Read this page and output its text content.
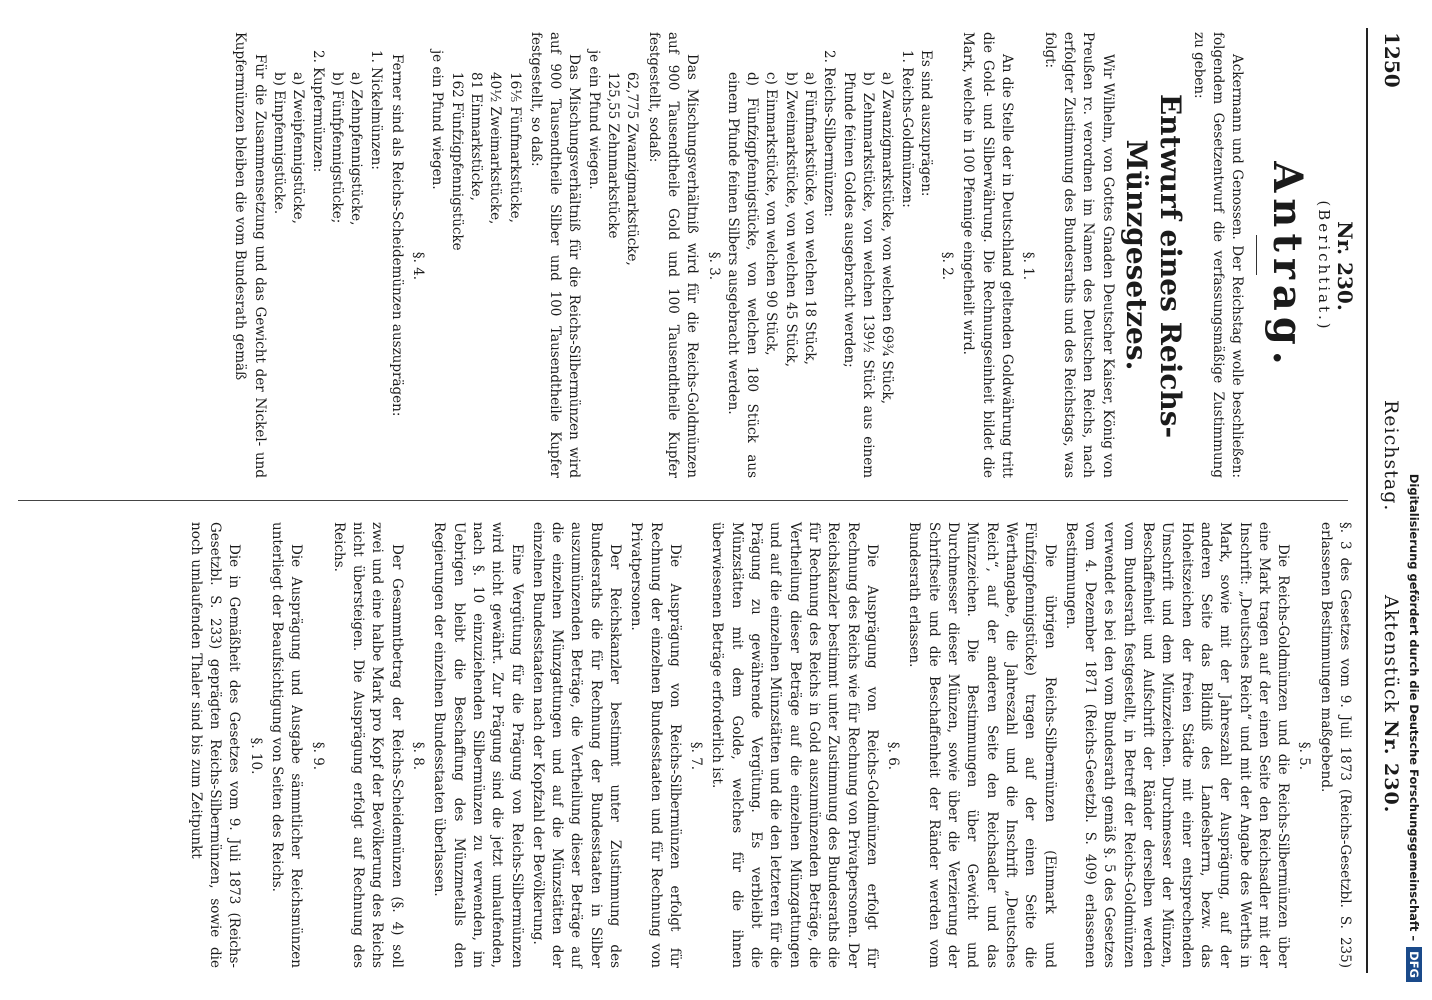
1250
Reichstag.
Aktenstück Nr. 230.

Nr. 230.

(Berichtiat.)

Antrag.

Ackermann und Genossen. Der Reichstag wolle beschließen: folgendem Gesetzentwurf die verfassungsmäßige Zustimmung zu geben:

Entwurf eines Reichs-Münzgesetzes.

Wir Wilhelm, von Gottes Gnaden Deutscher Kaiser, König von Preußen rc. verordnen im Namen des Deutschen Reichs, nach erfolgter Zustimmung des Bundesraths und des Reichstags, was folgt:

§. 1.

An die Stelle der in Deutschland geltenden Goldwährung tritt die Gold- und Silberwährung. Die Rechnungseinheit bildet die Mark, welche in 100 Pfennige eingetheilt wird.

§. 2.

Es sind auszuprägen:

1. Reichs-Goldmünzen:

a) Zwanzigmarkstücke, von welchen 69¾ Stück,

b) Zehnmarkstücke, von welchen 139½ Stück aus einem Pfunde feinen Goldes ausgebracht werden;

2. Reichs-Silbermünzen:

a) Fünfmarkstücke, von welchen 18 Stück,

b) Zweimarkstücke, von welchen 45 Stück,

c) Einmarkstücke, von welchen 90 Stück,

d) Fünfzigpfennigstücke, von welchen 180 Stück aus einem Pfunde feinen Silbers ausgebracht werden.

§. 3.

Das Mischungsverhältniß wird für die Reichs-Goldmünzen auf 900 Tausendtheile Gold und 100 Tausendtheile Kupfer festgestellt, sodaß:

62,775 Zwanzigmarkstücke,

125,55 Zehnmarkstücke

je ein Pfund wiegen.

Das Mischungsverhältniß für die Reichs-Silbermünzen wird auf 900 Tausendtheile Silber und 100 Tausendtheile Kupfer festgestellt, so daß:

16⅕ Fünfmarkstücke,

40½ Zweimarkstücke,

81 Einmarkstücke,

162 Fünfzigpfennigstücke

je ein Pfund wiegen.

§. 4.

Ferner sind als Reichs-Scheidemünzen auszuprägen:

1. Nickelmünzen:

a) Zehnpfennigstücke,

b) Fünfpfennigstücke;

2. Kupfermünzen:

a) Zweipfennigstücke,

b) Einpfennigstücke.

Für die Zusammensetzung und das Gewicht der Nickel- und Kupfermünzen bleiben die vom Bundesrath gemäß

§. 3 des Gesetzes vom 9. Juli 1873 (Reichs-Gesetzbl. S. 235) erlassenen Bestimmungen maßgebend.

§. 5.

Die Reichs-Goldmünzen und die Reichs-Silbermünzen über eine Mark tragen auf der einen Seite den Reichsadler mit der Inschrift: „Deutsches Reich“ und mit der Angabe des Werths in Mark, sowie mit der Jahreszahl der Ausprägung, auf der anderen Seite das Bildniß des Landesherrn, bezw. das Hoheitszeichen der freien Städte mit einer entsprechenden Umschrift und dem Münzzeichen. Durchmesser der Münzen, Beschaffenheit und Aufschrift der Ränder derselben werden vom Bundesrath festgestellt, in Betreff der Reichs-Goldmünzen verwendet es bei den vom Bundesrath gemäß §. 5 des Gesetzes vom 4. Dezember 1871 (Reichs-Gesetzbl. S. 409) erlassenen Bestimmungen.

Die übrigen Reichs-Silbermünzen (Einmark und Fünfzigpfennigstücke) tragen auf der einen Seite die Werthangabe, die Jahreszahl und die Inschrift „Deutsches Reich“, auf der anderen Seite den Reichsadler und das Münzzeichen. Die Bestimmungen über Gewicht und Durchmesser dieser Münzen, sowie über die Verzierung der Schriftseite und die Beschaffenheit der Ränder werden vom Bundesrath erlassen.

§. 6.

Die Ausprägung von Reichs-Goldmünzen erfolgt für Rechnung des Reichs wie für Rechnung von Privatpersonen. Der Reichskanzler bestimmt unter Zustimmung des Bundesraths die für Rechnung des Reichs in Gold auszumünzenden Beträge, die Vertheilung dieser Beträge auf die einzelnen Münzgattungen und auf die einzelnen Münzstätten und die den letzteren für die Prägung zu gewährende Vergütung. Es verbleibt die Münzstätten mit dem Golde, welches für die ihnen überwiesenen Beträge erforderlich ist.

§. 7.

Die Ausprägung von Reichs-Silbermünzen erfolgt für Rechnung der einzelnen Bundesstaaten und für Rechnung von Privatpersonen.

Der Reichskanzler bestimmt unter Zustimmung des Bundesraths die für Rechnung der Bundesstaaten in Silber auszumünzenden Beträge, die Vertheilung dieser Beträge auf die einzelnen Münzgattungen und auf die Münzstätten der einzelnen Bundesstaaten nach der Kopfzahl der Bevölkerung.

Eine Vergütung für die Prägung von Reichs-Silbermünzen wird nicht gewährt. Zur Prägung sind die jetzt umlaufenden, nach §. 10 einzuziehenden Silbermünzen zu verwenden, im Uebrigen bleibt die Beschaffung des Münzmetalls den Regierungen der einzelnen Bundesstaaten überlassen.

§. 8.

Der Gesammtbetrag der Reichs-Scheidemünzen (§. 4) soll zwei und eine halbe Mark pro Kopf der Bevölkerung des Reichs nicht übersteigen. Die Ausprägung erfolgt auf Rechnung des Reichs.

§. 9.

Die Ausprägung und Ausgabe sämmtlicher Reichsmünzen unterliegt der Beaufsichtigung von Seiten des Reichs.

§. 10.

Die in Gemäßheit des Gesetzes vom 9. Juli 1873 (Reichs-Gesetzbl. S. 233) geprägten Reichs-Silbermünzen, sowie die noch umlaufenden Thaler sind bis zum Zeitpunkt	Digitalisierung gefördert durch die Deutsche Forschungsgemeinschaft –DFG
